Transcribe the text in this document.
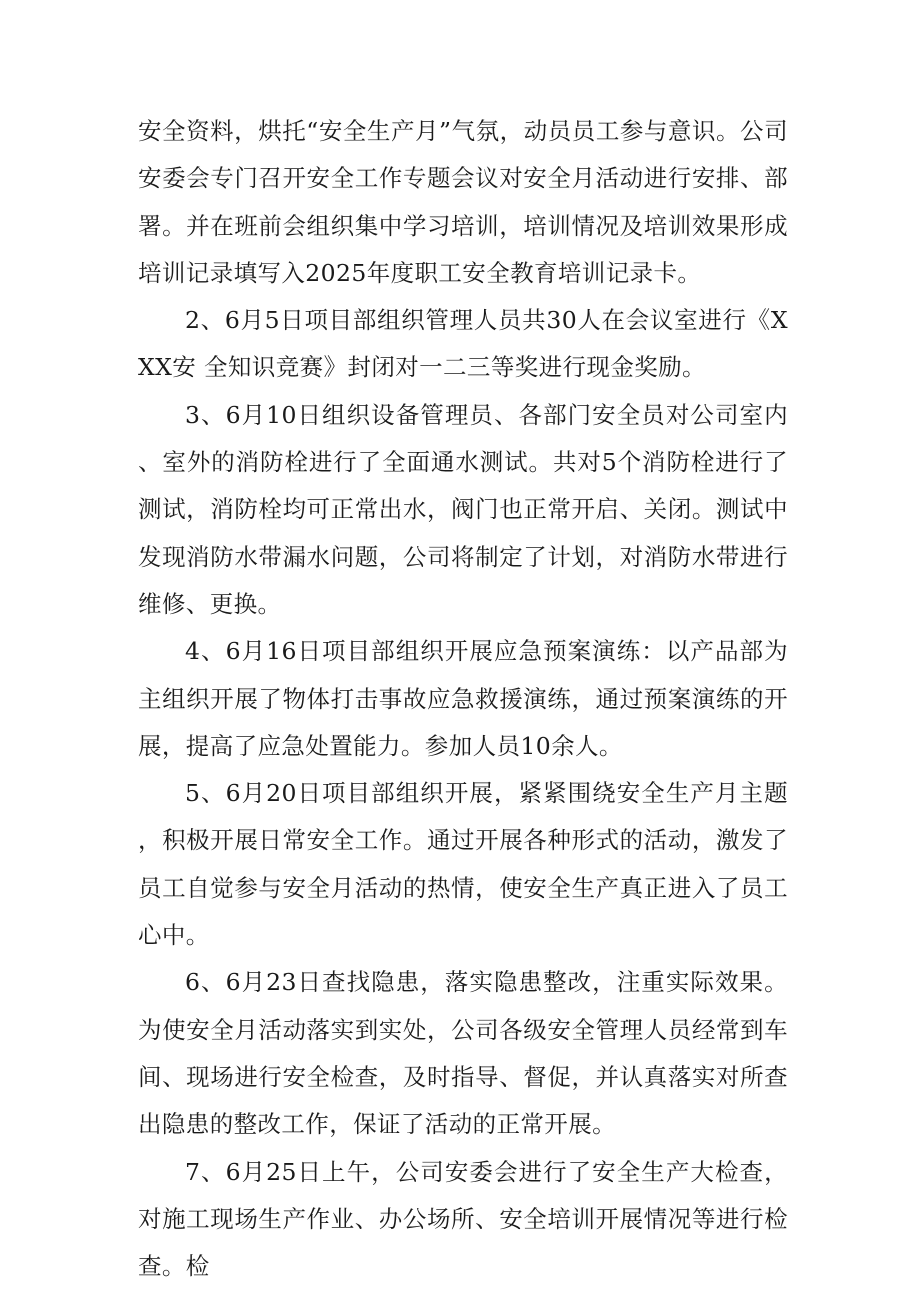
安全资料，烘托“安全生产月”气氛，动员员工参与意识。公司安委会专门召开安全工作专题会议对安全月活动进行安排、部署。并在班前会组织集中学习培训，培训情况及培训效果形成培训记录填写入2025年度职工安全教育培训记录卡。

2、6月5日项目部组织管理人员共30人在会议室进行《XXX安 全知识竞赛》封闭对一二三等奖进行现金奖励。

3、6月10日组织设备管理员、各部门安全员对公司室内、室外的消防栓进行了全面通水测试。共对5个消防栓进行了测试，消防栓均可正常出水，阀门也正常开启、关闭。测试中发现消防水带漏水问题，公司将制定了计划，对消防水带进行维修、更换。

4、6月16日项目部组织开展应急预案演练：以产品部为主组织开展了物体打击事故应急救援演练，通过预案演练的开展，提高了应急处置能力。参加人员10余人。

5、6月20日项目部组织开展，紧紧围绕安全生产月主题，积极开展日常安全工作。通过开展各种形式的活动，激发了员工自觉参与安全月活动的热情，使安全生产真正进入了员工心中。

6、6月23日查找隐患，落实隐患整改，注重实际效果。为使安全月活动落实到实处，公司各级安全管理人员经常到车间、现场进行安全检查，及时指导、督促，并认真落实对所查出隐患的整改工作，保证了活动的正常开展。

7、6月25日上午，公司安委会进行了安全生产大检查，对施工现场生产作业、办公场所、安全培训开展情况等进行检查。检
